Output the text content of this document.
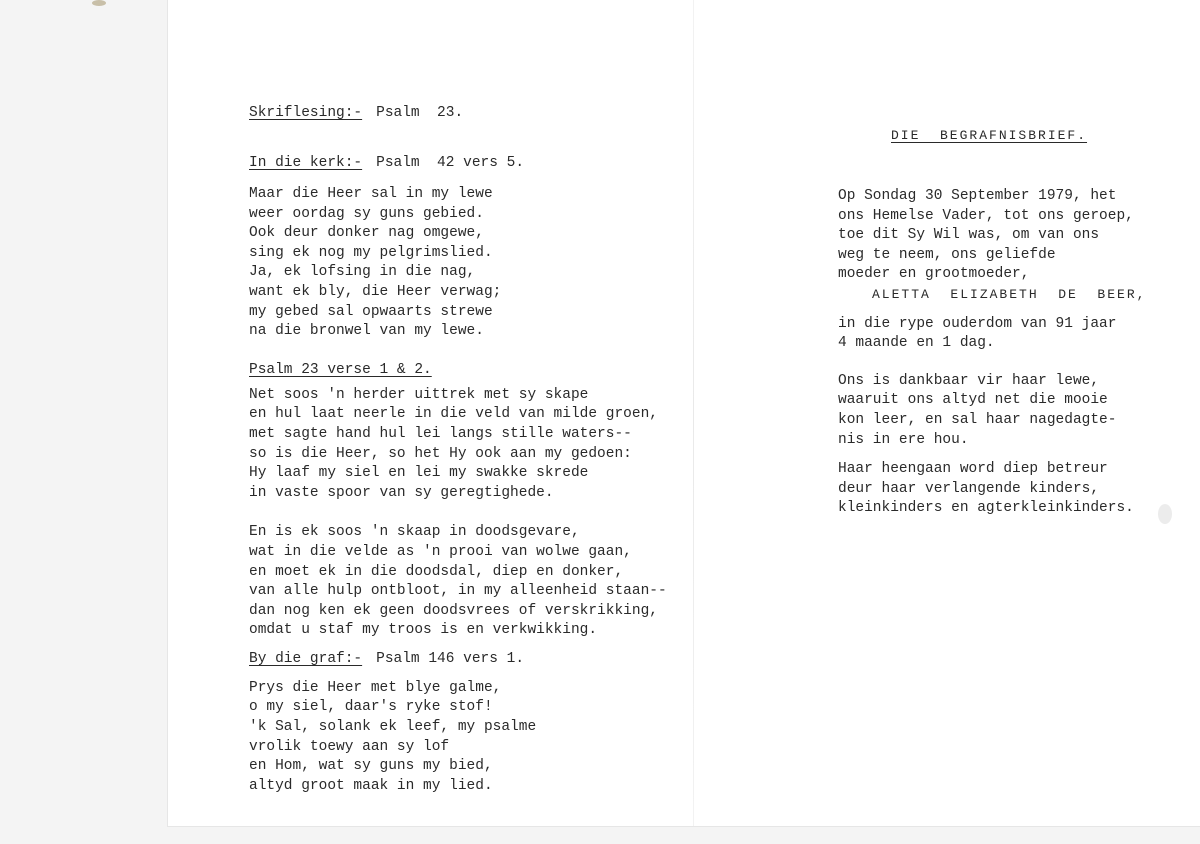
Skriflesing:- Psalm  23.

In die kerk:- Psalm  42 vers 5.

Maar die Heer sal in my lewe

weer oordag sy guns gebied.

Ook deur donker nag omgewe,

sing ek nog my pelgrimslied.

Ja, ek lofsing in die nag,

want ek bly, die Heer verwag;

my gebed sal opwaarts strewe

na die bronwel van my lewe.

Psalm 23 verse 1 & 2.

Net soos 'n herder uittrek met sy skape

en hul laat neerle in die veld van milde groen,

met sagte hand hul lei langs stille waters--

so is die Heer, so het Hy ook aan my gedoen:

Hy laaf my siel en lei my swakke skrede

in vaste spoor van sy geregtighede.

En is ek soos 'n skaap in doodsgevare,

wat in die velde as 'n prooi van wolwe gaan,

en moet ek in die doodsdal, diep en donker,

van alle hulp ontbloot, in my alleenheid staan--

dan nog ken ek geen doodsvrees of verskrikking,

omdat u staf my troos is en verkwikking.

By die graf:- Psalm 146 vers 1.

Prys die Heer met blye galme,

o my siel, daar's ryke stof!

'k Sal, solank ek leef, my psalme

vrolik toewy aan sy lof

en Hom, wat sy guns my bied,

altyd groot maak in my lied.

DIE  BEGRAFNISBRIEF.

Op Sondag 30 September 1979, het

ons Hemelse Vader, tot ons geroep,

toe dit Sy Wil was, om van ons

weg te neem, ons geliefde

moeder en grootmoeder,

ALETTA  ELIZABETH  DE  BEER,

in die rype ouderdom van 91 jaar

4 maande en 1 dag.

Ons is dankbaar vir haar lewe,

waaruit ons altyd net die mooie

kon leer, en sal haar nagedagte-

nis in ere hou.

Haar heengaan word diep betreur

deur haar verlangende kinders,

kleinkinders en agterkleinkinders.
